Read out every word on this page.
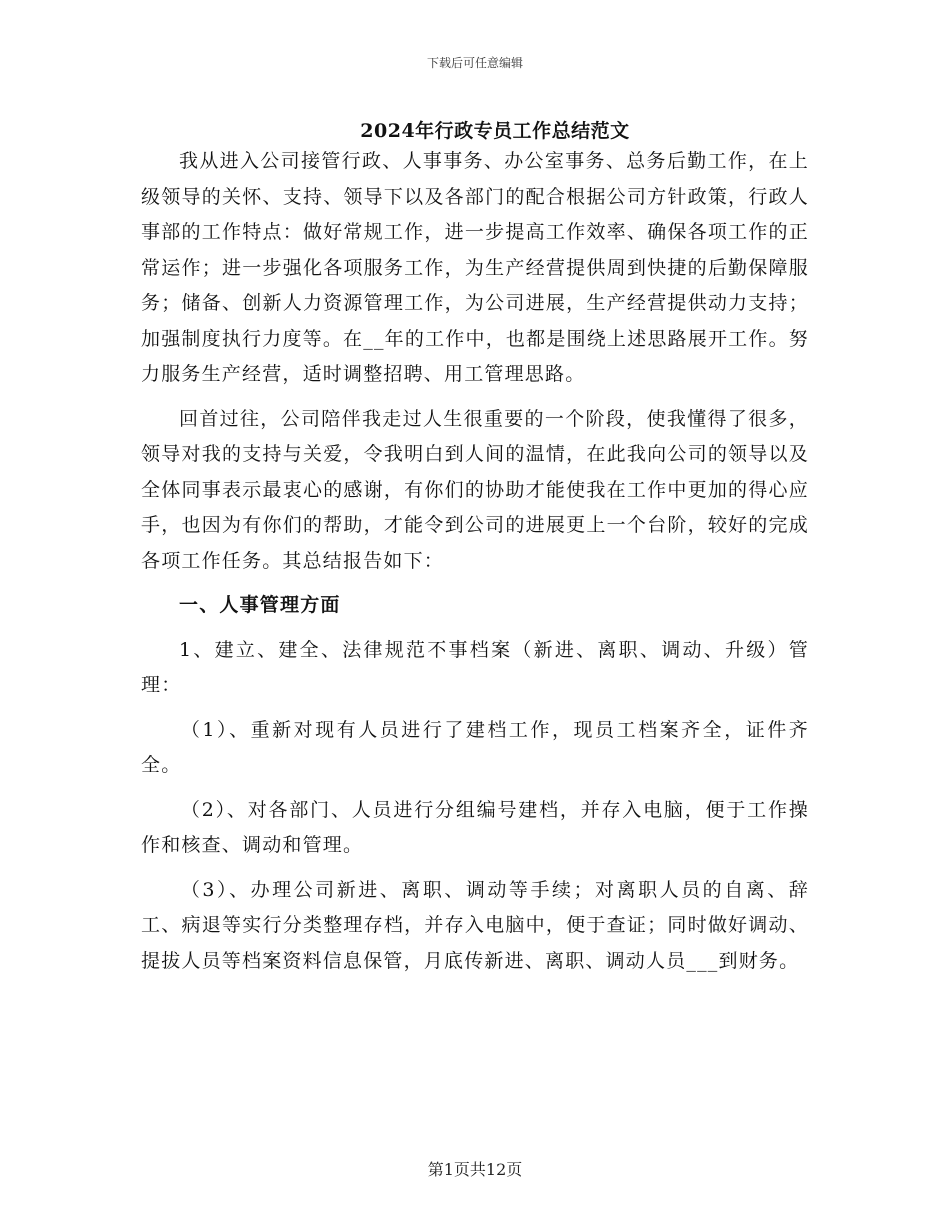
下载后可任意编辑
2024年行政专员工作总结范文

我从进入公司接管行政、人事事务、办公室事务、总务后勤工作，在上级领导的关怀、支持、领导下以及各部门的配合根据公司方针政策，行政人事部的工作特点：做好常规工作，进一步提高工作效率、确保各项工作的正常运作；进一步强化各项服务工作，为生产经营提供周到快捷的后勤保障服务；储备、创新人力资源管理工作，为公司进展，生产经营提供动力支持；加强制度执行力度等。在__年的工作中，也都是围绕上述思路展开工作。努力服务生产经营，适时调整招聘、用工管理思路。

回首过往，公司陪伴我走过人生很重要的一个阶段，使我懂得了很多，领导对我的支持与关爱，令我明白到人间的温情，在此我向公司的领导以及全体同事表示最衷心的感谢，有你们的协助才能使我在工作中更加的得心应手，也因为有你们的帮助，才能令到公司的进展更上一个台阶，较好的完成各项工作任务。其总结报告如下：

一、人事管理方面

1、建立、建全、法律规范不事档案（新进、离职、调动、升级）管理：

（1）、重新对现有人员进行了建档工作，现员工档案齐全，证件齐全。

（2）、对各部门、人员进行分组编号建档，并存入电脑，便于工作操作和核查、调动和管理。

（3）、办理公司新进、离职、调动等手续；对离职人员的自离、辞工、病退等实行分类整理存档，并存入电脑中，便于查证；同时做好调动、提拔人员等档案资料信息保管，月底传新进、离职、调动人员___到财务。

第1页共12页
